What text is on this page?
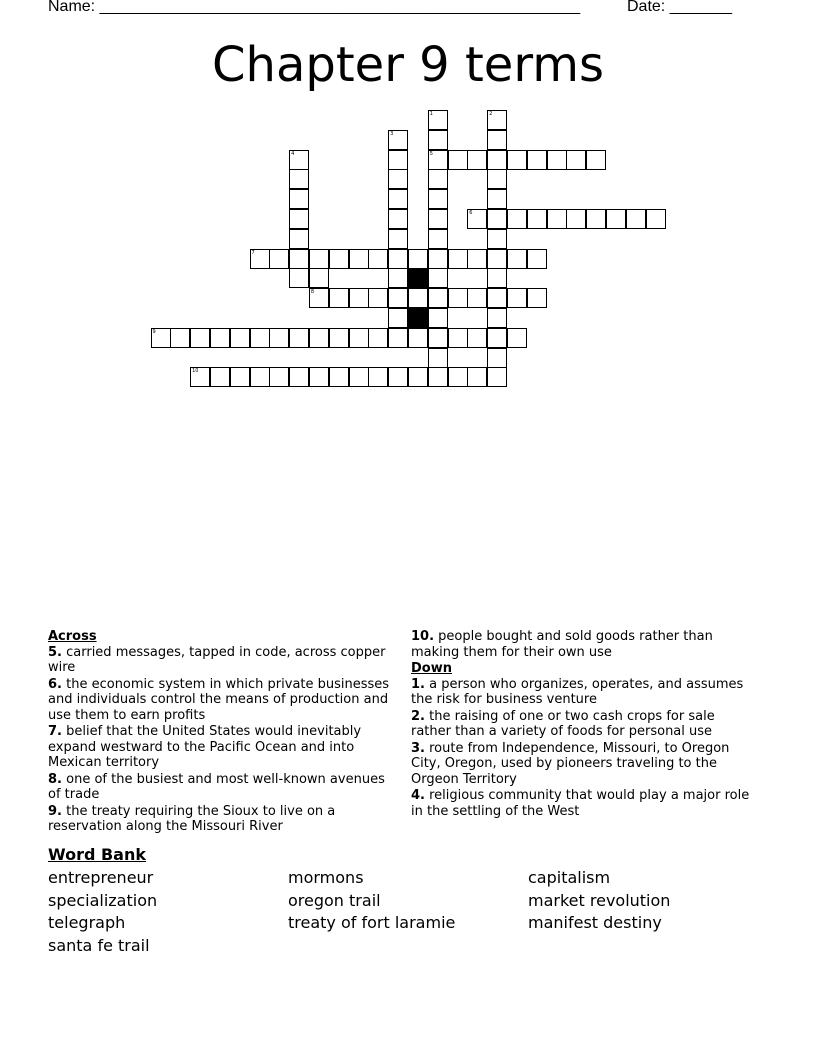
Name: ______________________________________________________	Date: _______
Chapter 9 terms
1
5
2
3
4
6
7
8
9
10
Across
5. carried messages, tapped in code, across copper wire
6. the economic system in which private businesses and individuals control the means of production and use them to earn profits
7. belief that the United States would inevitably expand westward to the Pacific Ocean and into Mexican territory
8. one of the busiest and most well-known avenues of trade
9. the treaty requiring the Sioux to live on a reservation along the Missouri River
10. people bought and sold goods rather than making them for their own use
Down
1. a person who organizes, operates, and assumes the risk for business venture
2. the raising of one or two cash crops for sale rather than a variety of foods for personal use
3. route from Independence, Missouri, to Oregon City, Oregon, used by pioneers traveling to the Orgeon Territory
4. religious community that would play a major role in the settling of the West
Word Bank
entrepreneur	mormons	capitalism
specialization	oregon trail	market revolution
telegraph	treaty of fort laramie	manifest destiny
santa fe trail
